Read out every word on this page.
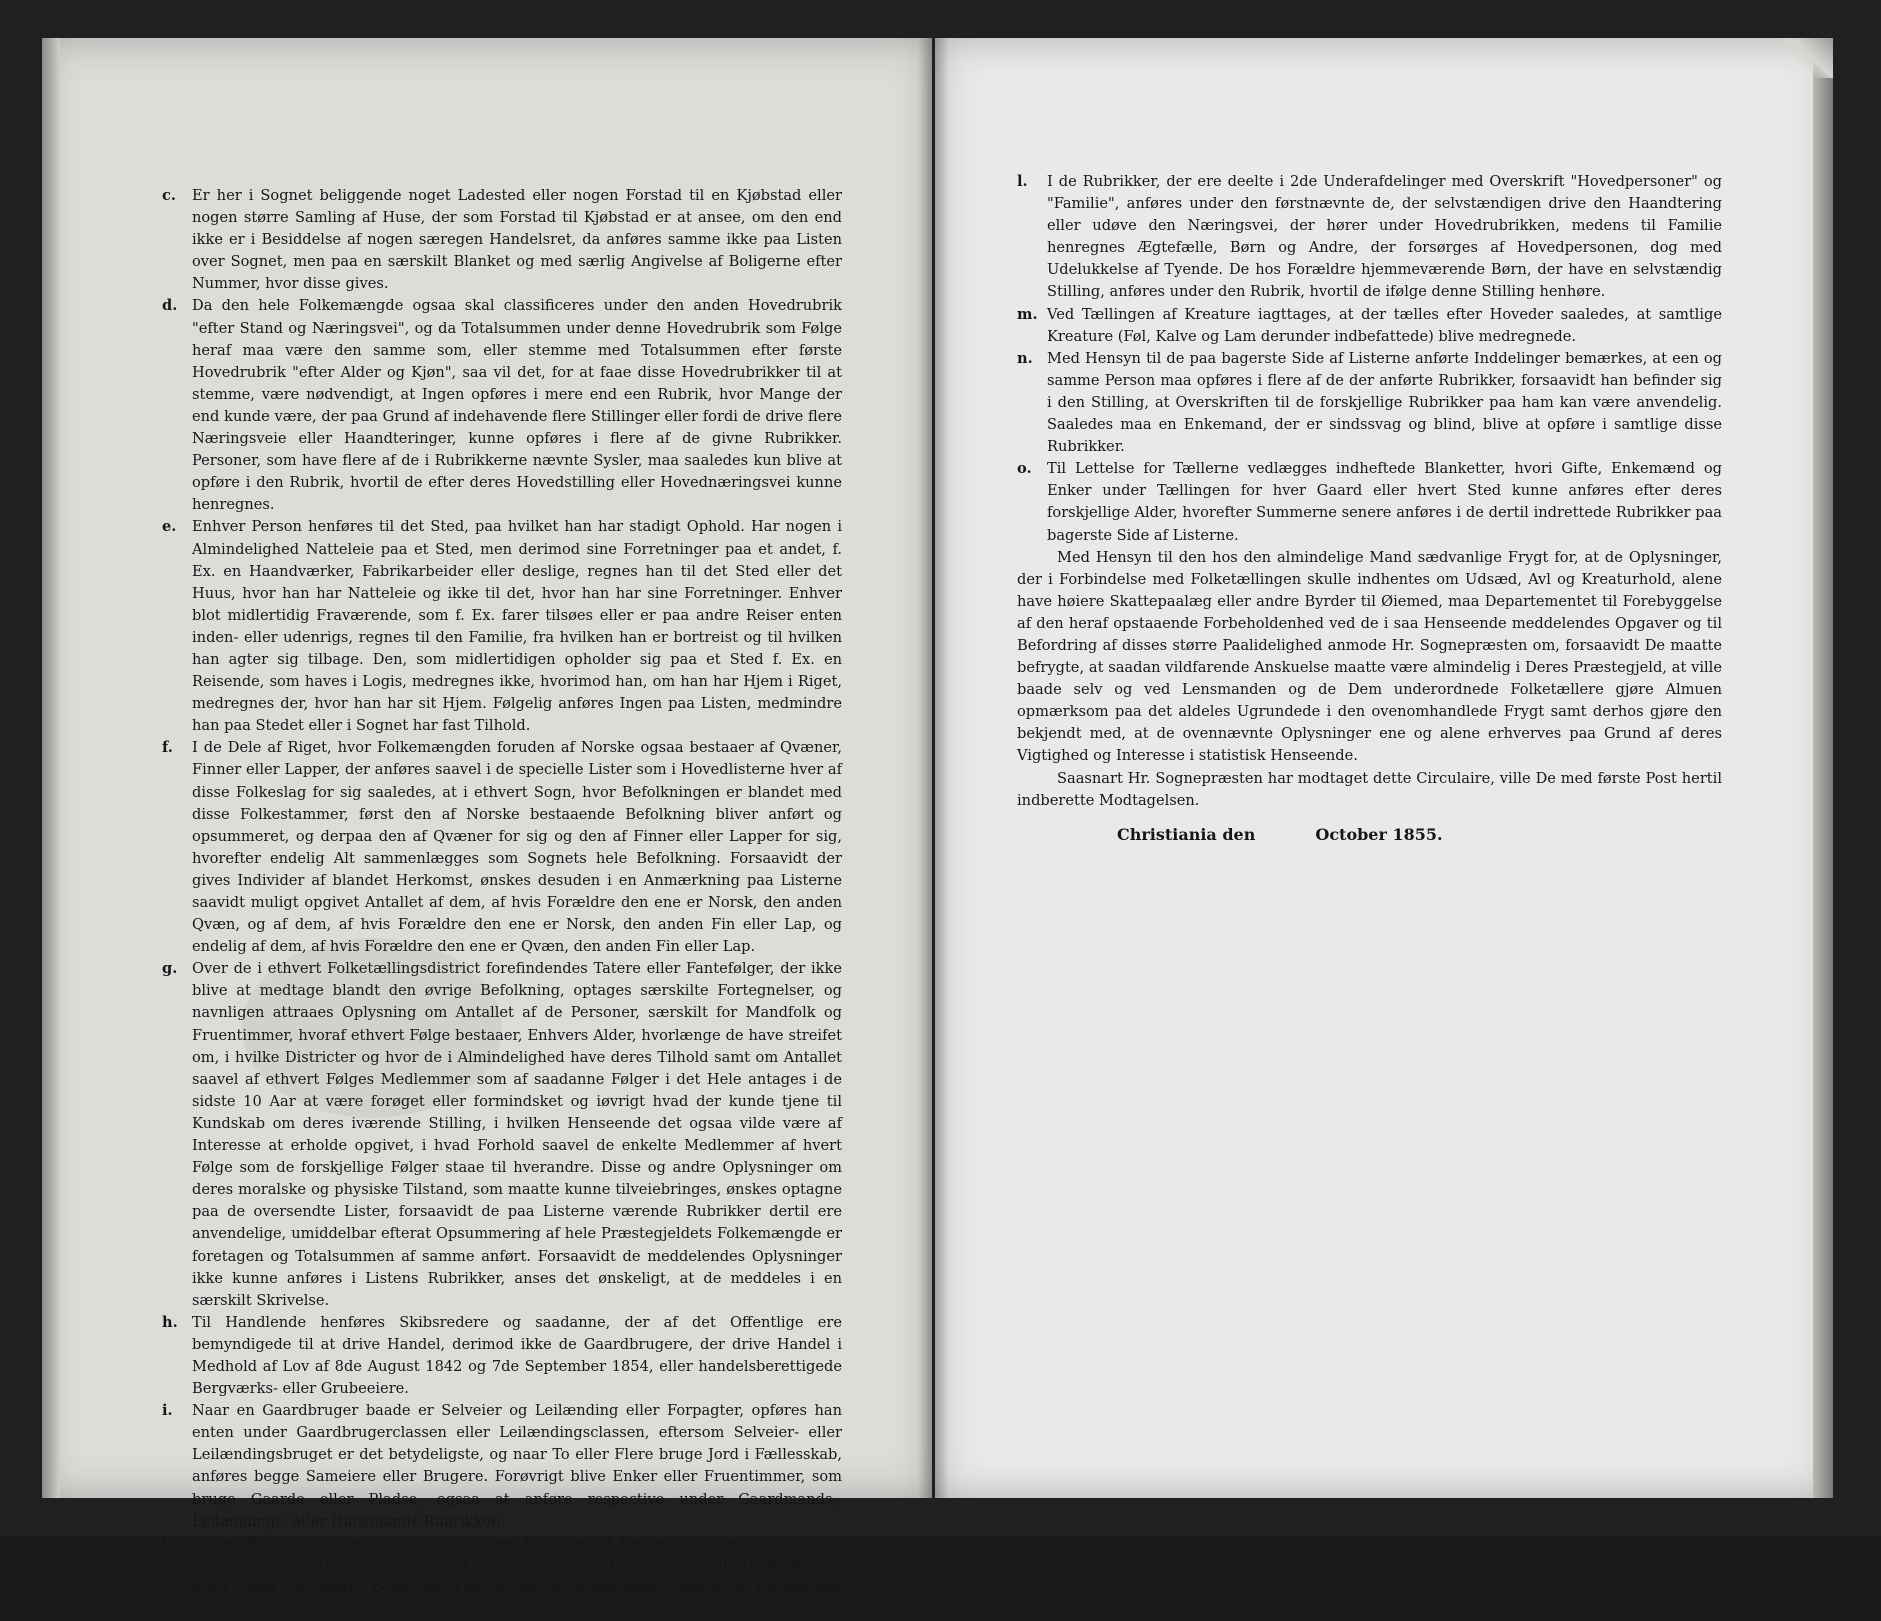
c.	Er her i Sognet beliggende noget Ladested eller nogen Forstad til en Kjøbstad eller nogen større Samling af Huse, der som Forstad til Kjøbstad er at ansee, om den end ikke er i Besiddelse af nogen særegen Handelsret, da anføres samme ikke paa Listen over Sognet, men paa en særskilt Blanket og med særlig Angivelse af Boligerne efter Nummer, hvor disse gives.
d.	Da den hele Folkemængde ogsaa skal classificeres under den anden Hovedrubrik "efter Stand og Næringsvei", og da Totalsummen under denne Hovedrubrik som Følge heraf maa være den samme som, eller stemme med Totalsummen efter første Hovedrubrik "efter Alder og Kjøn", saa vil det, for at faae disse Hovedrubrikker til at stemme, være nødvendigt, at Ingen opføres i mere end een Rubrik, hvor Mange der end kunde være, der paa Grund af indehavende flere Stillinger eller fordi de drive flere Næringsveie eller Haandteringer, kunne opføres i flere af de givne Rubrikker. Personer, som have flere af de i Rubrikkerne nævnte Sysler, maa saaledes kun blive at opføre i den Rubrik, hvortil de efter deres Hovedstilling eller Hovednæringsvei kunne henregnes.
e.	Enhver Person henføres til det Sted, paa hvilket han har stadigt Ophold. Har nogen i Almindelighed Natteleie paa et Sted, men derimod sine Forretninger paa et andet, f. Ex. en Haandværker, Fabrikarbeider eller deslige, regnes han til det Sted eller det Huus, hvor han har Natteleie og ikke til det, hvor han har sine Forretninger. Enhver blot midlertidig Fraværende, som f. Ex. farer tilsøes eller er paa andre Reiser enten inden- eller udenrigs, regnes til den Familie, fra hvilken han er bortreist og til hvilken han agter sig tilbage. Den, som midlertidigen opholder sig paa et Sted f. Ex. en Reisende, som haves i Logis, medregnes ikke, hvorimod han, om han har Hjem i Riget, medregnes der, hvor han har sit Hjem. Følgelig anføres Ingen paa Listen, medmindre han paa Stedet eller i Sognet har fast Tilhold.
f.	I de Dele af Riget, hvor Folkemængden foruden af Norske ogsaa bestaaer af Qvæner, Finner eller Lapper, der anføres saavel i de specielle Lister som i Hovedlisterne hver af disse Folkeslag for sig saaledes, at i ethvert Sogn, hvor Befolkningen er blandet med disse Folkestammer, først den af Norske bestaaende Befolkning bliver anført og opsummeret, og derpaa den af Qvæner for sig og den af Finner eller Lapper for sig, hvorefter endelig Alt sammenlægges som Sognets hele Befolkning. Forsaavidt der gives Individer af blandet Herkomst, ønskes desuden i en Anmærkning paa Listerne saavidt muligt opgivet Antallet af dem, af hvis Forældre den ene er Norsk, den anden Qvæn, og af dem, af hvis Forældre den ene er Norsk, den anden Fin eller Lap, og endelig af dem, af hvis Forældre den ene er Qvæn, den anden Fin eller Lap.
g.	Over de i ethvert Folketællingsdistrict forefindendes Tatere eller Fantefølger, der ikke blive at medtage blandt den øvrige Befolkning, optages særskilte Fortegnelser, og navnligen attraaes Oplysning om Antallet af de Personer, særskilt for Mandfolk og Fruentimmer, hvoraf ethvert Følge bestaaer, Enhvers Alder, hvorlænge de have streifet om, i hvilke Districter og hvor de i Almindelighed have deres Tilhold samt om Antallet saavel af ethvert Følges Medlemmer som af saadanne Følger i det Hele antages i de sidste 10 Aar at være forøget eller formindsket og iøvrigt hvad der kunde tjene til Kundskab om deres iværende Stilling, i hvilken Henseende det ogsaa vilde være af Interesse at erholde opgivet, i hvad Forhold saavel de enkelte Medlemmer af hvert Følge som de forskjellige Følger staae til hverandre. Disse og andre Oplysninger om deres moralske og physiske Tilstand, som maatte kunne tilveiebringes, ønskes optagne paa de oversendte Lister, forsaavidt de paa Listerne værende Rubrikker dertil ere anvendelige, umiddelbar efterat Opsummering af hele Præstegjeldets Folkemængde er foretagen og Totalsummen af samme anført. Forsaavidt de meddelendes Oplysninger ikke kunne anføres i Listens Rubrikker, anses det ønskeligt, at de meddeles i en særskilt Skrivelse.
h. Til Handlende henføres Skibsredere og saadanne, der af det Offentlige ere bemyndigede til at drive Handel, derimod ikke de Gaardbrugere, der drive Handel i Medhold af Lov af 8de August 1842 og 7de September 1854, eller handelsberettigede Bergværks- eller Grubeeiere.
i.	Naar en Gaardbruger baade er Selveier og Leilænding eller Forpagter, opføres han enten under Gaardbrugerclassen eller Leilændingsclassen, eftersom Selveier- eller Leilændingsbruget er det betydeligste, og naar To eller Flere bruge Jord i Fællesskab, anføres begge Sameiere eller Brugere. Forøvrigt blive Enker eller Fruentimmer, som bruge Gaarde eller Pladse, ogsaa at anføre respective under Gaardmands-, Leilændings- eller Huusmands-Rubrikken.
k.	Under Rubrikken "Føderaadsfolk" optages Personer af begge Kjøn, der have opladt deres Jordebrug til Andre mod deraf at nyde for deres Levetid en aarlig Godtgjørelse, hvad enten Personerne benævnes Føderaadsfolk, Bilkaarsfolk, Livørefolk, Følgemænd eller andet.
l.	I de Rubrikker, der ere deelte i 2de Underafdelinger med Overskrift "Hovedpersoner" og "Familie", anføres under den førstnævnte de, der selvstændigen drive den Haandtering eller udøve den Næringsvei, der hører under Hovedrubrikken, medens til Familie henregnes Ægtefælle, Børn og Andre, der forsørges af Hovedpersonen, dog med Udelukkelse af Tyende. De hos Forældre hjemmeværende Børn, der have en selvstændig Stilling, anføres under den Rubrik, hvortil de ifølge denne Stilling henhøre.
m. Ved Tællingen af Kreature iagttages, at der tælles efter Hoveder saaledes, at samtlige Kreature (Føl, Kalve og Lam derunder indbefattede) blive medregnede.
n. Med Hensyn til de paa bagerste Side af Listerne anførte Inddelinger bemærkes, at een og samme Person maa opføres i flere af de der anførte Rubrikker, forsaavidt han befinder sig i den Stilling, at Overskriften til de forskjellige Rubrikker paa ham kan være anvendelig. Saaledes maa en Enkemand, der er sindssvag og blind, blive at opføre i samtlige disse Rubrikker.
o.	Til Lettelse for Tællerne vedlægges indheftede Blanketter, hvori Gifte, Enkemænd og Enker under Tællingen for hver Gaard eller hvert Sted kunne anføres efter deres forskjellige Alder, hvorefter Summerne senere anføres i de dertil indrettede Rubrikker paa bagerste Side af Listerne.

Med Hensyn til den hos den almindelige Mand sædvanlige Frygt for, at de Oplysninger, der i Forbindelse med Folketællingen skulle indhentes om Udsæd, Avl og Kreaturhold, alene have høiere Skattepaalæg eller andre Byrder til Øiemed, maa Departementet til Forebyggelse af den heraf opstaaende Forbeholdenhed ved de i saa Henseende meddelendes Opgaver og til Befordring af disses større Paalidelighed anmode Hr. Sognepræsten om, forsaavidt De maatte befrygte, at saadan vildfarende Anskuelse maatte være almindelig i Deres Præstegjeld, at ville baade selv og ved Lensmanden og de Dem underordnede Folketællere gjøre Almuen opmærksom paa det aldeles Ugrundede i den ovenomhandlede Frygt samt derhos gjøre den bekjendt med, at de ovennævnte Oplysninger ene og alene erhverves paa Grund af deres Vigtighed og Interesse i statistisk Henseende.

Saasnart Hr. Sognepræsten har modtaget dette Circulaire, ville De med første Post hertil indberette Modtagelsen.

Christiania den	October 1855.
